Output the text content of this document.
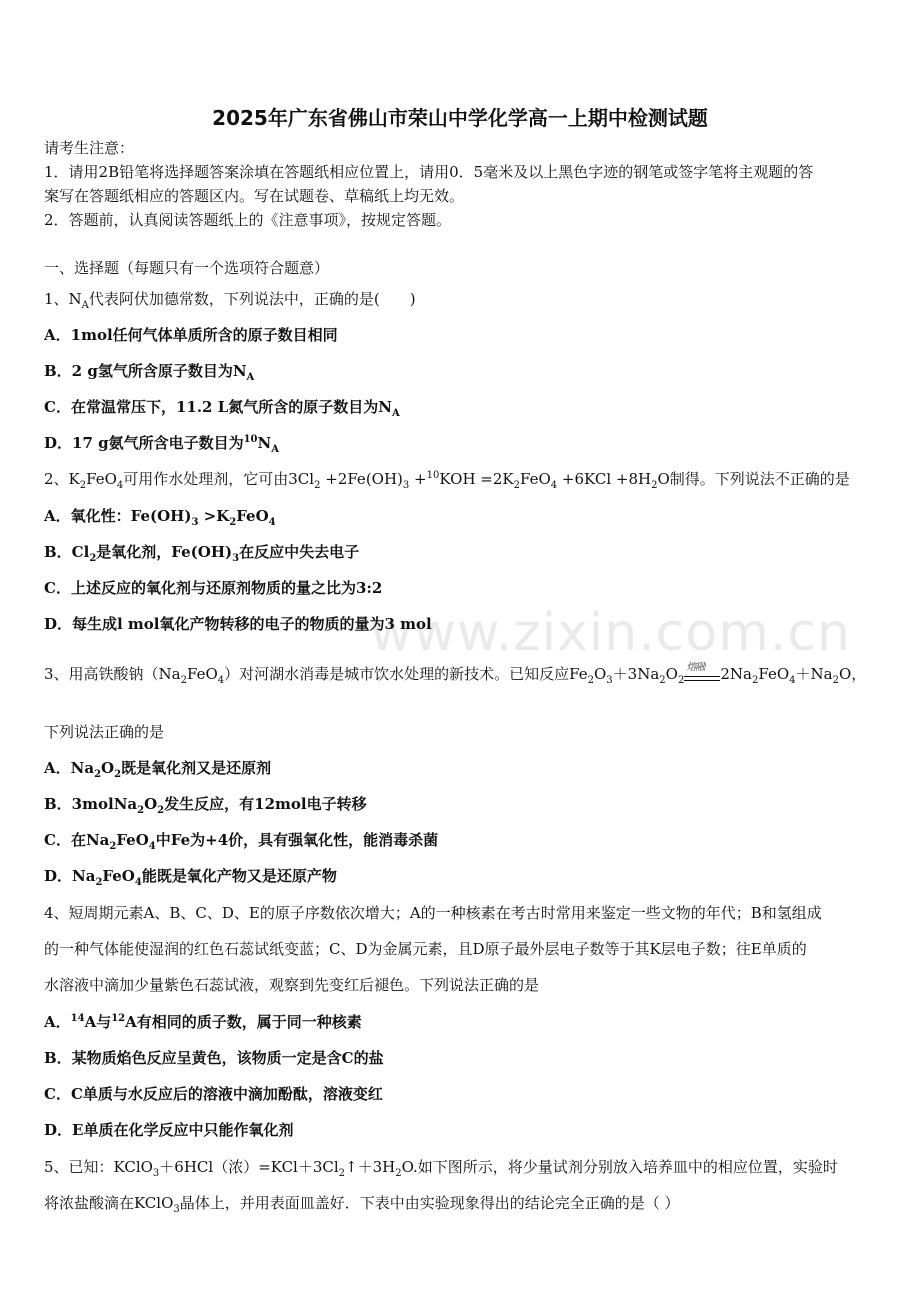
www.zixin.com.cn
2025年广东省佛山市荣山中学化学高一上期中检测试题
请考生注意：
1．请用2B铅笔将选择题答案涂填在答题纸相应位置上，请用0．5毫米及以上黑色字迹的钢笔或签字笔将主观题的答
案写在答题纸相应的答题区内。写在试题卷、草稿纸上均无效。
2．答题前，认真阅读答题纸上的《注意事项》，按规定答题。
一、选择题（每题只有一个选项符合题意）
1、$N_A$代表阿伏加德常数，下列说法中，正确的是(　　)
A．1mol任何气体单质所含的原子数目相同
B．2 g氢气所含原子数目为$N_A$
C．在常温常压下，11.2 L氮气所含的原子数目为$N_A$
D．17 g氨气所含电子数目为$^{10}N_A$
2、$K_2FeO_4$可用作水处理剂，它可由$3Cl_2 +2Fe(OH)_3 +^{10}KOH =2K_2FeO_4 +6KCl +8H_2O$制得。下列说法不正确的是
A．氧化性：$Fe(OH)_3 >K_2FeO_4$
B．$Cl_2$是氧化剂，$Fe(OH)_3$在反应中失去电子
C．上述反应的氧化剂与还原剂物质的量之比为3:2
D．每生成l mol氧化产物转移的电子的物质的量为3 mol
3、用高铁酸钠$(Na_2FeO_4)$对河湖水消毒是城市饮水处理的新技术。已知反应$Fe_2O_3+3Na_2O_2$
熔融 $2Na_2FeO_4+Na_2O$，
下列说法正确的是
A．$Na_2O_2$既是氧化剂又是还原剂
B．$3molNa_2O_2$发生反应，有12mol电子转移
C．在$Na_2FeO_4$中Fe为+4价，具有强氧化性，能消毒杀菌
D．$Na_2FeO_4$能既是氧化产物又是还原产物
4、短周期元素A、B、C、D、E的原子序数依次增大；A的一种核素在考古时常用来鉴定一些文物的年代；B和氢组成
的一种气体能使湿润的红色石蕊试纸变蓝；C、D为金属元素，且D原子最外层电子数等于其K层电子数；往E单质的
水溶液中滴加少量紫色石蕊试液，观察到先变红后褪色。下列说法正确的是
A．$^{14}$A与$^{12}$A有相同的质子数，属于同一种核素
B．某物质焰色反应呈黄色，该物质一定是含C的盐
C．C单质与水反应后的溶液中滴加酚酞，溶液变红
D．E单质在化学反应中只能作氧化剂
5、已知：KClO$_3$＋6HCl（浓）$=KCl+3Cl_2↑+3H_2O$.如下图所示，将少量试剂分别放入培养皿中的相应位置，实验时
将浓盐酸滴在KClO$_3$晶体上，并用表面皿盖好．下表中由实验现象得出的结论完全正确的是（ ）
